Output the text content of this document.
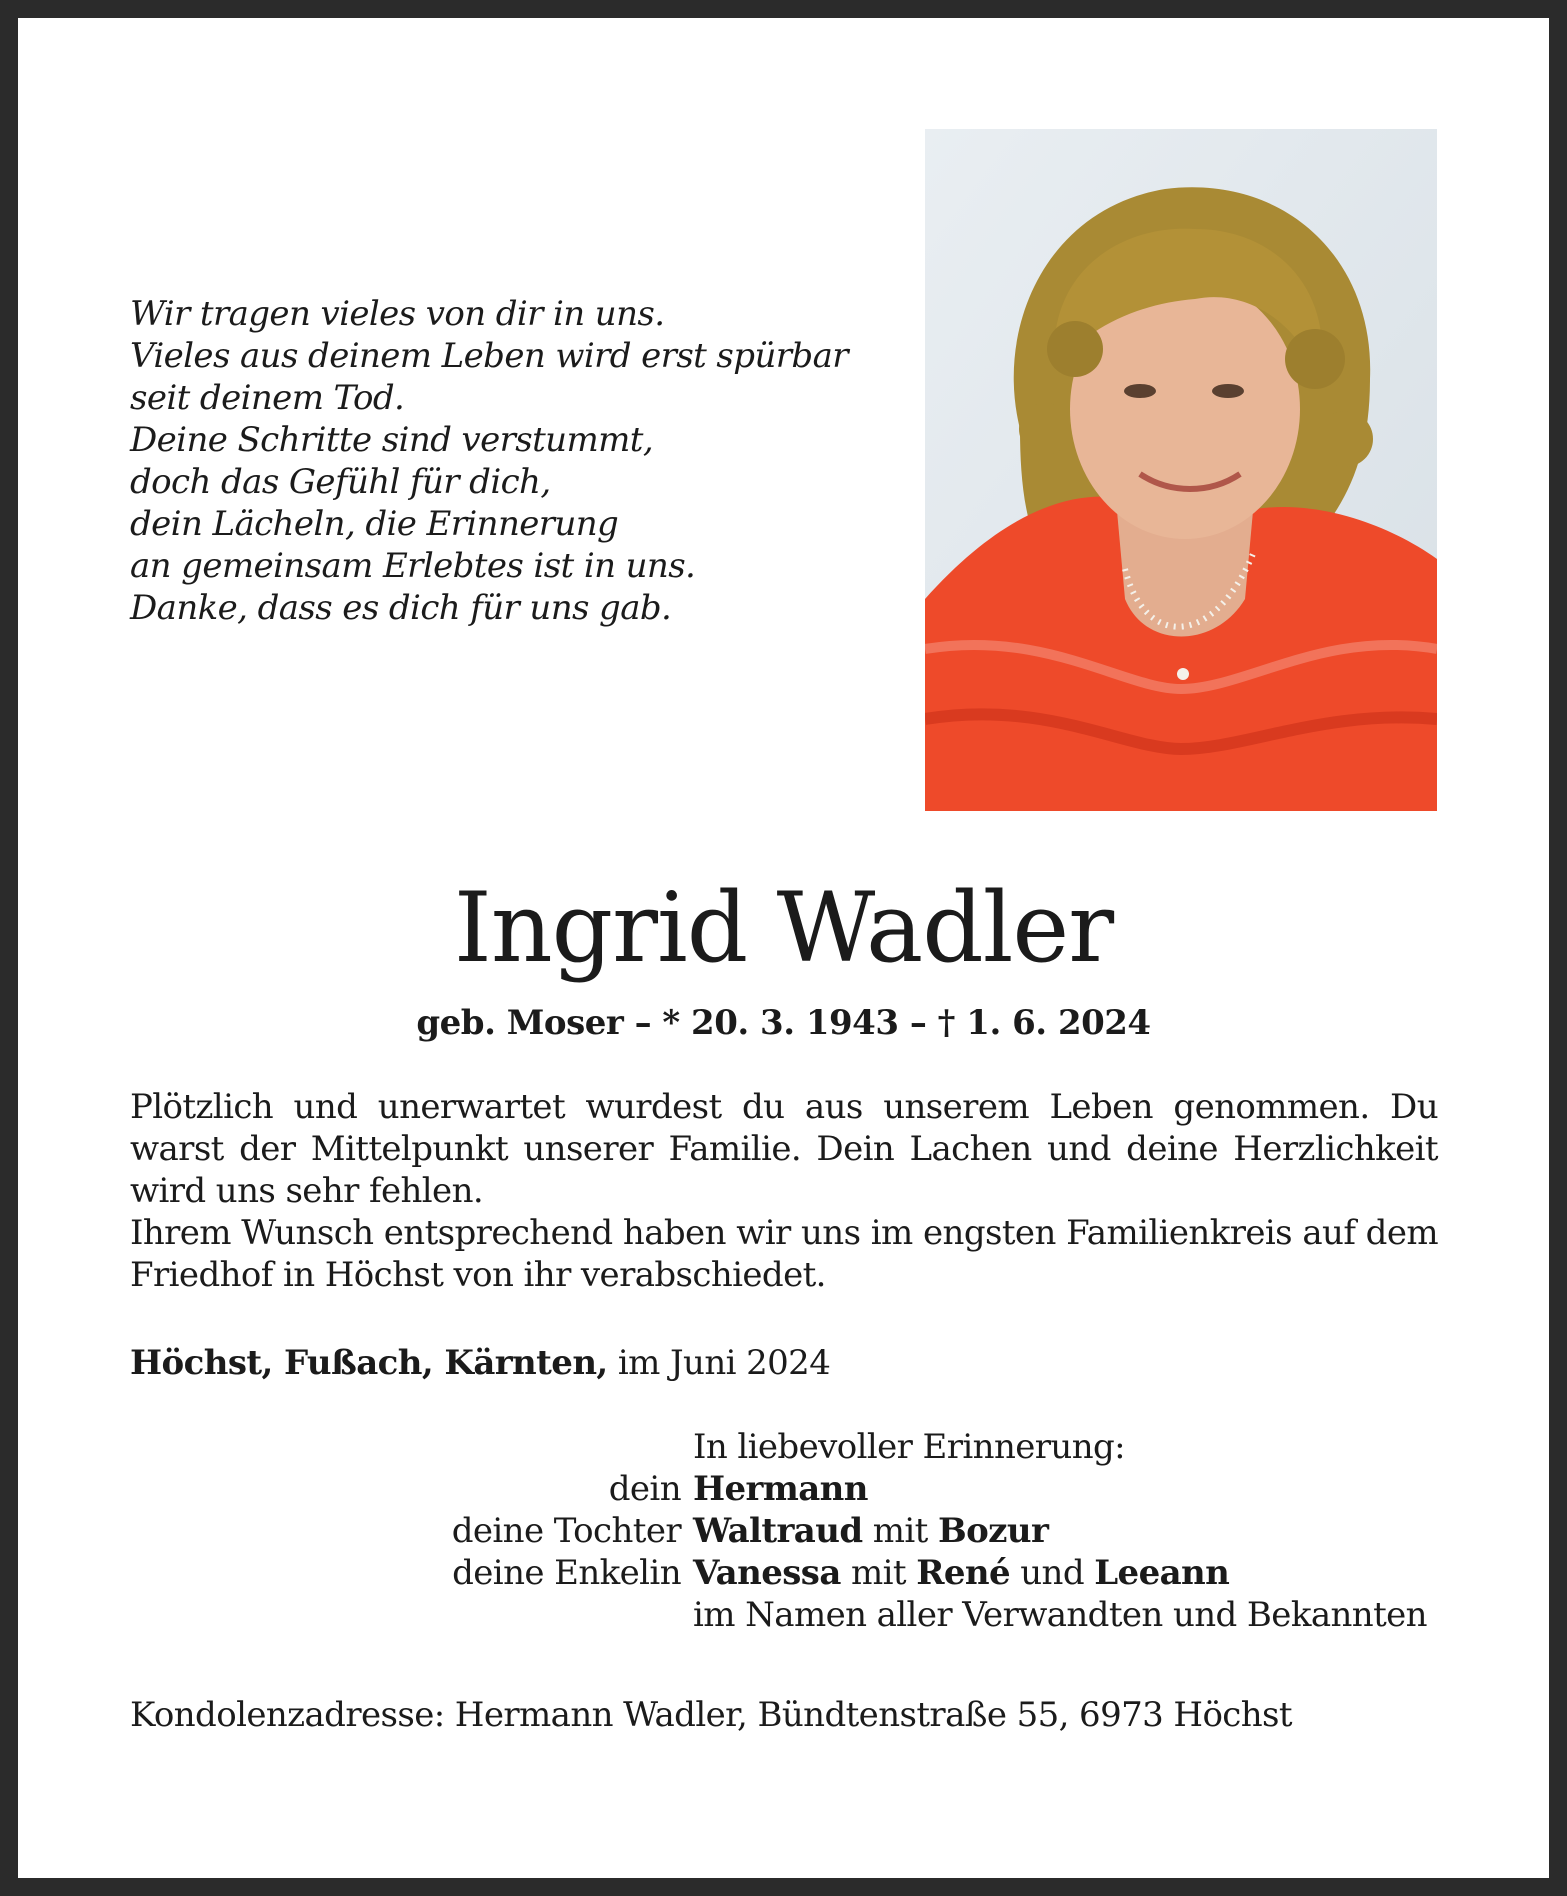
Wir tragen vieles von dir in uns.
Vieles aus deinem Leben wird erst spürbar
seit deinem Tod.
Deine Schritte sind verstummt,
doch das Gefühl für dich,
dein Lächeln, die Erinnerung
an gemeinsam Erlebtes ist in uns.
Danke, dass es dich für uns gab.
Ingrid Wadler
geb. Moser – * 20. 3. 1943 – † 1. 6. 2024

Plötzlich und unerwartet wurdest du aus unserem Leben genommen. Du warst der Mittelpunkt unserer Familie. Dein Lachen und deine Herzlichkeit wird uns sehr fehlen.

Ihrem Wunsch entsprechend haben wir uns im engsten Familienkreis auf dem Friedhof in Höchst von ihr verabschiedet.

Höchst, Fußach, Kärnten, im Juni 2024
In liebevoller Erinnerung:
dein Hermann
deine Tochter Waltraud mit Bozur
deine Enkelin Vanessa mit René und Leeann
im Namen aller Verwandten und Bekannten
Kondolenzadresse: Hermann Wadler, Bündtenstraße 55, 6973 Höchst
